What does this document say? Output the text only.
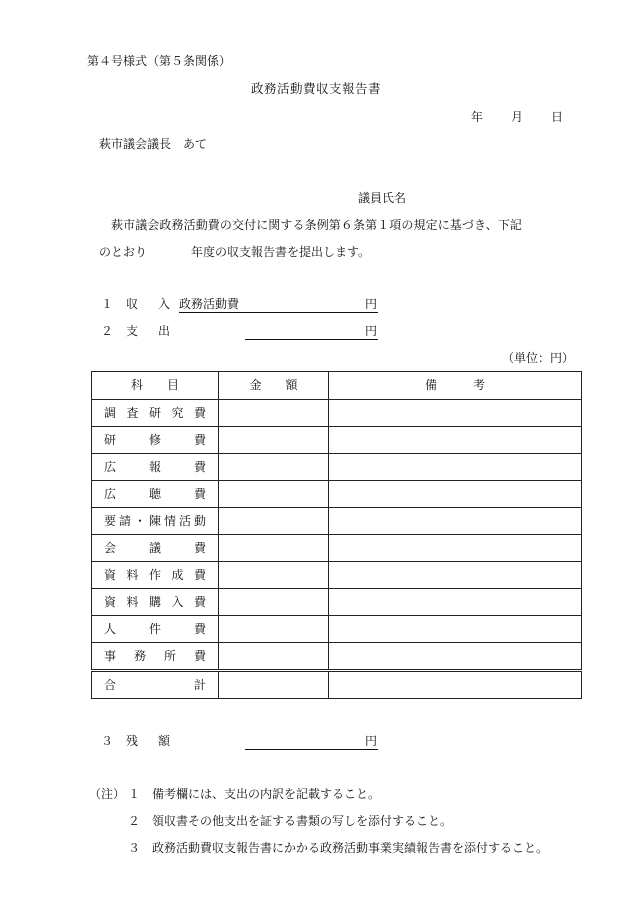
第４号様式（第５条関係）
政務活動費収支報告書
年 月 日
萩市議会議長　あて
議員氏名
萩市議会政務活動費の交付に関する条例第６条第１項の規定に基づき、下記
のとおり	年度の収支報告書を提出します。
１ 収　入 政務活動費	円
２ 支　出	円
（単位：円）
科　　目	金　　額	備　　　考
調査研究費		
研修費		
広報費		
広聴費		
要請・陳情活動		
会議費		
資料作成費		
資料購入費		
人件費		
事務所費		
合計		
３ 残　額	円
（注） １ 備考欄には、支出の内訳を記載すること。
２ 領収書その他支出を証する書類の写しを添付すること。
３ 政務活動費収支報告書にかかる政務活動事業実績報告書を添付すること。
